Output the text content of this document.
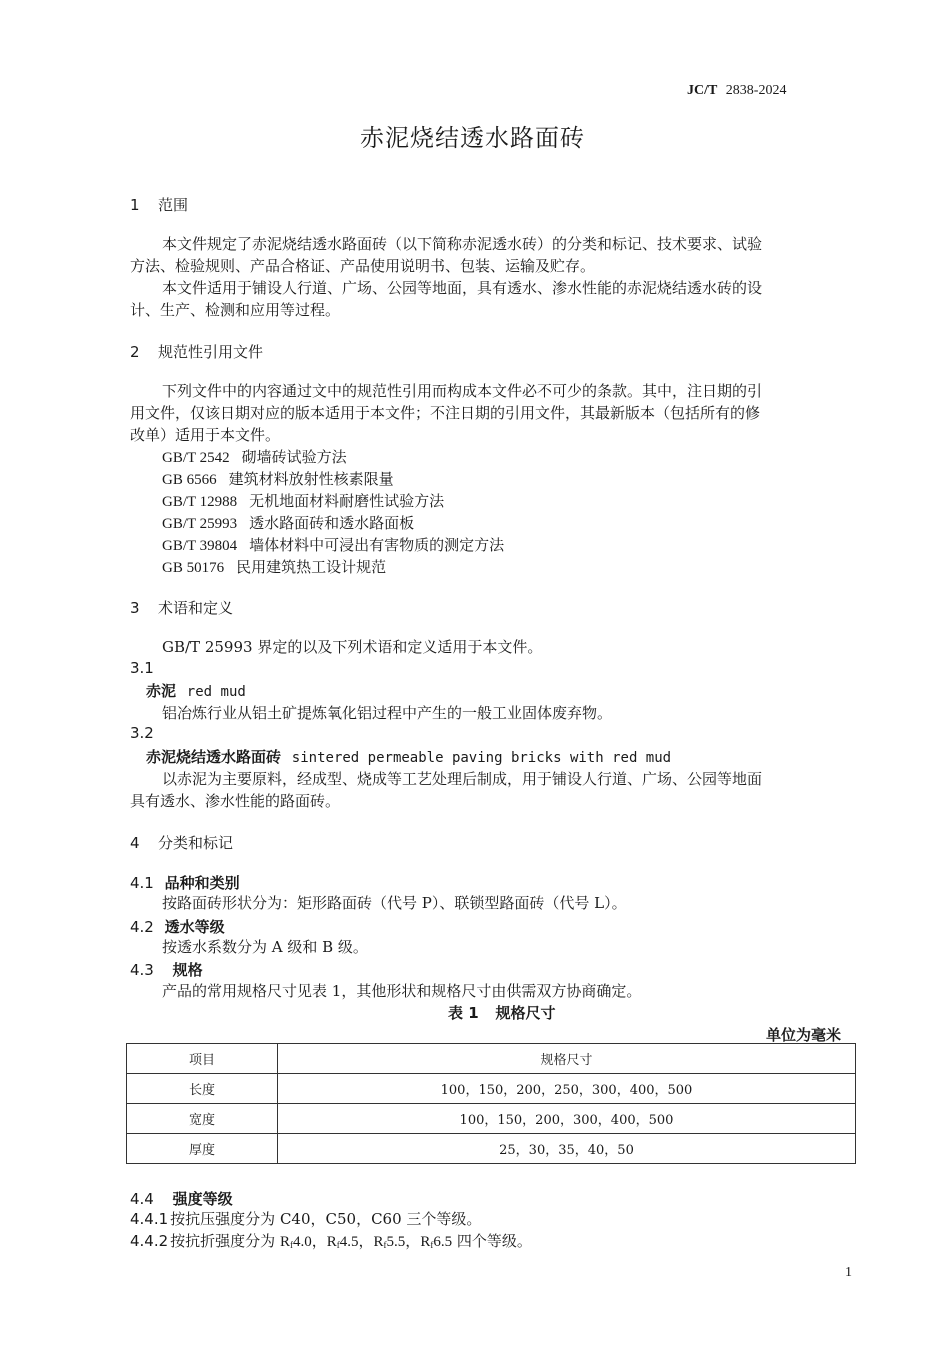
JC/T 2838-2024
赤泥烧结透水路面砖
1 范围
本文件规定了赤泥烧结透水路面砖（以下简称赤泥透水砖）的分类和标记、技术要求、试验
方法、检验规则、产品合格证、产品使用说明书、包装、运输及贮存。
本文件适用于铺设人行道、广场、公园等地面，具有透水、渗水性能的赤泥烧结透水砖的设
计、生产、检测和应用等过程。
2 规范性引用文件
下列文件中的内容通过文中的规范性引用而构成本文件必不可少的条款。其中，注日期的引
用文件，仅该日期对应的版本适用于本文件；不注日期的引用文件，其最新版本（包括所有的修
改单）适用于本文件。
GB/T 2542 砌墙砖试验方法
GB 6566 建筑材料放射性核素限量
GB/T 12988 无机地面材料耐磨性试验方法
GB/T 25993 透水路面砖和透水路面板
GB/T 39804 墙体材料中可浸出有害物质的测定方法
GB 50176 民用建筑热工设计规范
3 术语和定义
GB/T 25993 界定的以及下列术语和定义适用于本文件。
3.1
赤泥 red mud
铝冶炼行业从铝土矿提炼氧化铝过程中产生的一般工业固体废弃物。
3.2
赤泥烧结透水路面砖 sintered permeable paving bricks with red mud
以赤泥为主要原料，经成型、烧成等工艺处理后制成，用于铺设人行道、广场、公园等地面
具有透水、渗水性能的路面砖。
4 分类和标记
4.1 品种和类别
按路面砖形状分为：矩形路面砖（代号 P）、联锁型路面砖（代号 L）。
4.2 透水等级
按透水系数分为 A 级和 B 级。
4.3 规格
产品的常用规格尺寸见表 1，其他形状和规格尺寸由供需双方协商确定。
表 1 规格尺寸
单位为毫米
项目	规格尺寸
长度	100，150，200，250，300，400，500
宽度	100，150，200，300，400，500
厚度	25，30，35，40，50
4.4 强度等级
4.4.1 按抗压强度分为 C40，C50，C60 三个等级。
4.4.2 按抗折强度分为 $R_f4.0$，$R_f4.5$，$R_f5.5$，$R_f6.5$ 四个等级。
1
